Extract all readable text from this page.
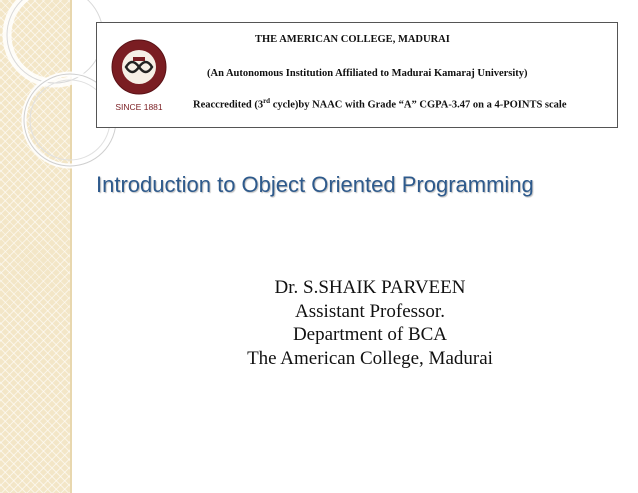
SINCE 1881
THE AMERICAN COLLEGE, MADURAI
(An Autonomous Institution Affiliated to Madurai Kamaraj University)
Reaccredited (3rd cycle)by NAAC with Grade “A” CGPA-3.47 on a 4-POINTS scale
Introduction to Object Oriented Programming
Dr. S.SHAIK PARVEEN
Assistant Professor.
Department of BCA
The American College, Madurai
